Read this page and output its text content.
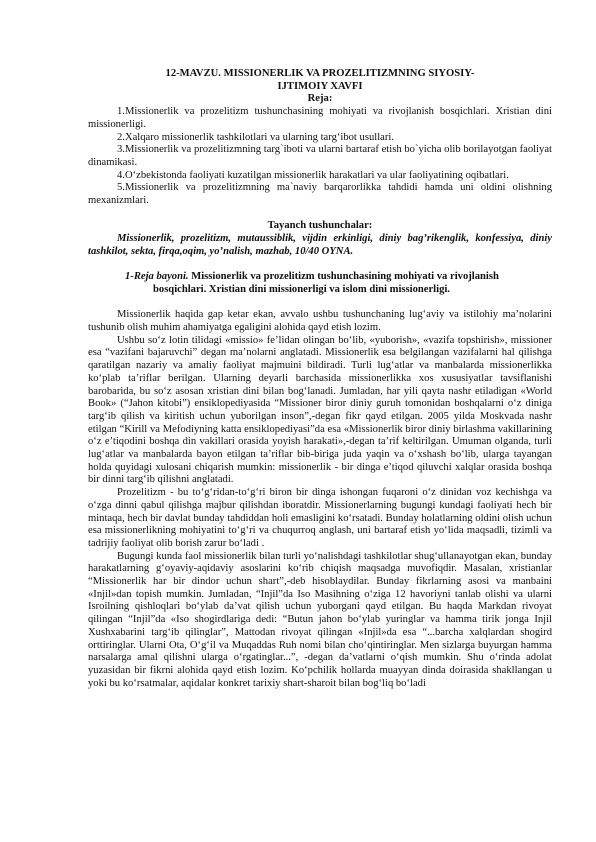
12-MAVZU. MISSIONERLIK VA PROZELITIZMNING SIYOSIY-

IJTIMOIY XAVFI

Reja:

1.Missionerlik va prozelitizm tushunchasining mohiyati va rivojlanish bosqichlari. Xristian dini missionerligi.

2.Xalqaro missionerlik tashkilotlari va ularning targ‘ibot usullari.

3.Missionerlik va prozelitizmning targ`iboti va ularni bartaraf etish bo`yicha olib borilayotgan faoliyat dinamikasi.

4.O‘zbekistonda faoliyati kuzatilgan missionerlik harakatlari va ular faoliyatining oqibatlari.

5.Missionerlik va prozelitizmning ma`naviy barqarorlikka tahdidi hamda uni oldini olishning mexanizmlari.

Tayanch tushunchalar:

Missionerlik, prozelitizm, mutaussiblik, vijdin erkinligi, diniy bag’rikenglik, konfessiya, diniy tashkilot, sekta, firqa,oqim, yo’nalish, mazhab, 10/40 OYNA.

1-Reja bayoni. Missionerlik va prozelitizm tushunchasining mohiyati va rivojlanish
bosqichlari. Xristian dini missionerligi va islom dini missionerligi.

Missionerlik haqida gap ketar ekan, avvalo ushbu tushunchaning lug‘aviy va istilohiy ma’nolarini tushunib olish muhim ahamiyatga egaligini alohida qayd etish lozim.

Ushbu so‘z lotin tilidagi «missio» fe’lidan olingan bo‘lib, «yuborish», «vazifa topshirish», missioner esa “vazifani bajaruvchi” degan ma’nolarni anglatadi. Missionerlik esa belgilangan vazifalarni hal qilishga qaratilgan nazariy va amaliy faoliyat majmuini bildiradi. Turli lug‘atlar va manbalarda missionerlikka ko‘plab ta’riflar berilgan. Ularning deyarli barchasida missionerlikka xos xususiyatlar tavsiflanishi barobarida, bu so‘z asosan xristian dini bilan bog‘lanadi. Jumladan, har yili qayta nashr etiladigan «World Book» (“Jahon kitobi”) ensiklopediyasida “Missioner biror diniy guruh tomonidan boshqalarni o‘z diniga targ‘ib qilish va kiritish uchun yuborilgan inson”,-degan fikr qayd etilgan. 2005 yilda Moskvada nashr etilgan “Kirill va Mefodiyning katta ensiklopediyasi”da esa «Missionerlik biror diniy birlashma vakillarining o‘z e’tiqodini boshqa din vakillari orasida yoyish harakati»,-degan ta’rif keltirilgan. Umuman olganda, turli lug‘atlar va manbalarda bayon etilgan ta’riflar bib-biriga juda yaqin va o‘xshash bo‘lib, ularga tayangan holda quyidagi xulosani chiqarish mumkin: missionerlik - bir dinga e’tiqod qiluvchi xalqlar orasida boshqa bir dinni targ‘ib qilishni anglatadi.

Prozelitizm - bu to‘g‘ridan-to‘g‘ri biron bir dinga ishongan fuqaroni o‘z dinidan voz kechishga va o‘zga dinni qabul qilishga majbur qilishdan iboratdir. Missionerlarning bugungi kundagi faoliyati hech bir mintaqa, hech bir davlat bunday tahdiddan holi emasligini ko‘rsatadi. Bunday holatlarning oldini olish uchun esa missionerlikning mohiyatini to‘g‘ri va chuqurroq anglash, uni bartaraf etish yo‘lida maqsadli, tizimli va tadrijiy faoliyat olib borish zarur bo‘ladi .

Bugungi kunda faol missionerlik bilan turli yo‘nalishdagi tashkilotlar shug‘ullanayotgan ekan, bunday harakatlarning g‘oyaviy-aqidaviy asoslarini ko‘rib chiqish maqsadga muvofiqdir. Masalan, xristianlar “Missionerlik har bir dindor uchun shart”,-deb hisoblaydilar. Bunday fikrlarning asosi va manbaini «Injil»dan topish mumkin. Jumladan, “Injil”da Iso Masihning o‘ziga 12 havoriyni tanlab olishi va ularni Isroilning qishloqlari bo‘ylab da’vat qilish uchun yuborgani qayd etilgan. Bu haqda Markdan rivoyat qilingan “Injil”da «Iso shogirdlariga dedi: “Butun jahon bo‘ylab yuringlar va hamma tirik jonga Injil Xushxabarini targ‘ib qilinglar”, Mattodan rivoyat qilingan «Injil»da esa “...barcha xalqlardan shogird orttiringlar. Ularni Ota, O‘g‘il va Muqaddas Ruh nomi bilan cho‘qintiringlar. Men sizlarga buyurgan hamma narsalarga amal qilishni ularga o‘rgatinglar...”, -degan da’vatlarni o‘qish mumkin. Shu o‘rinda adolat yuzasidan bir fikrni alohida qayd etish lozim. Ko‘pchilik hollarda muayyan dinda doirasida shakllangan u yoki bu ko‘rsatmalar, aqidalar konkret tarixiy shart-sharoit bilan bog‘liq bo‘ladi
